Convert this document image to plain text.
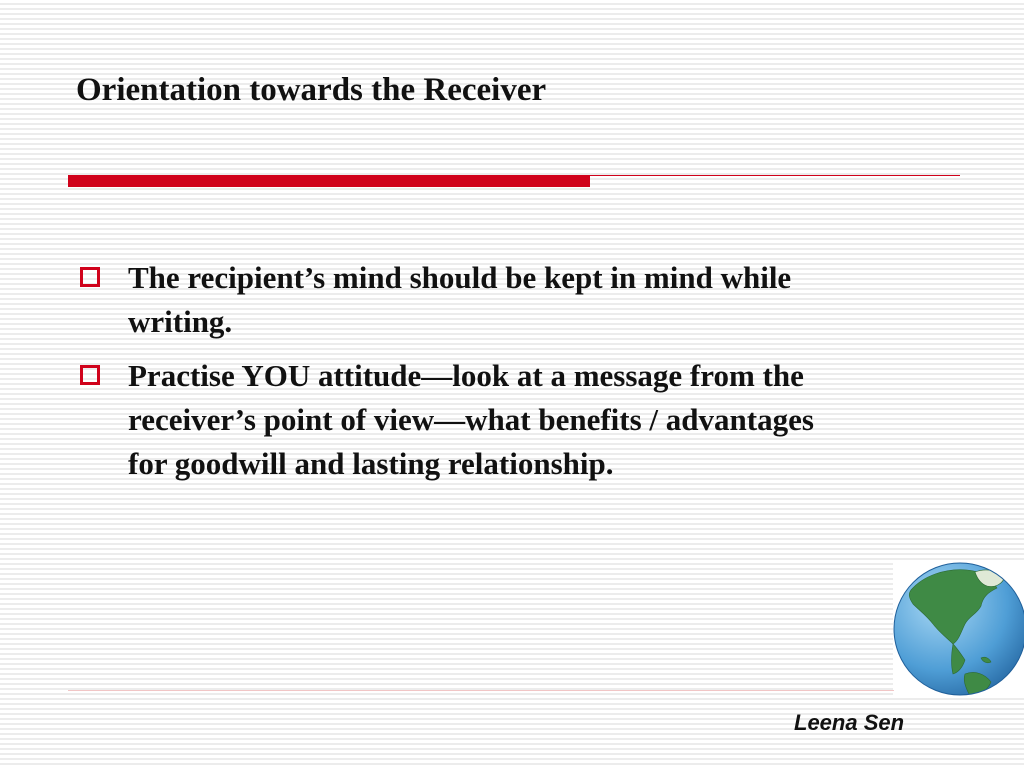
Orientation towards the Receiver
The recipient’s mind should be kept in mind while writing.
Practise YOU attitude—look at a message from the receiver’s point of view—what benefits / advantages for goodwill and lasting relationship.
Leena Sen
